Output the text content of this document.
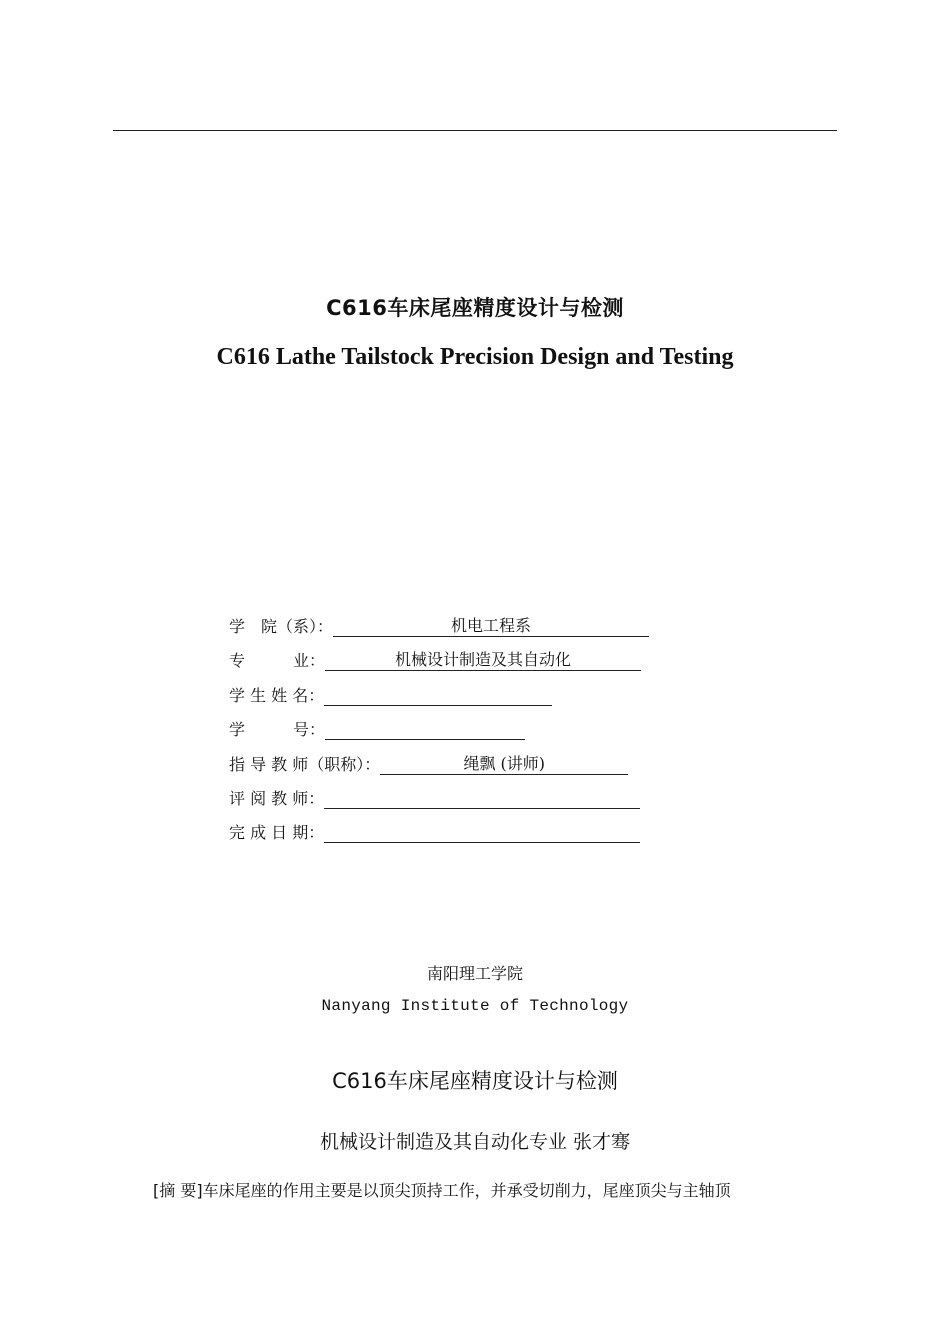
C616车床尾座精度设计与检测
C616 Lathe Tailstock Precision Design and Testing
学　院（系）：	机电工程系
专　　　业：	机械设计制造及其自动化
学 生 姓 名：
学　　　号：
指 导 教 师（职称）：	绳飘 (讲师)
评 阅 教 师：
完 成 日 期：
南阳理工学院
Nanyang Institute of Technology
C616车床尾座精度设计与检测
机械设计制造及其自动化专业 张才骞
[摘 要]车床尾座的作用主要是以顶尖顶持工作，并承受切削力，尾座顶尖与主轴顶
